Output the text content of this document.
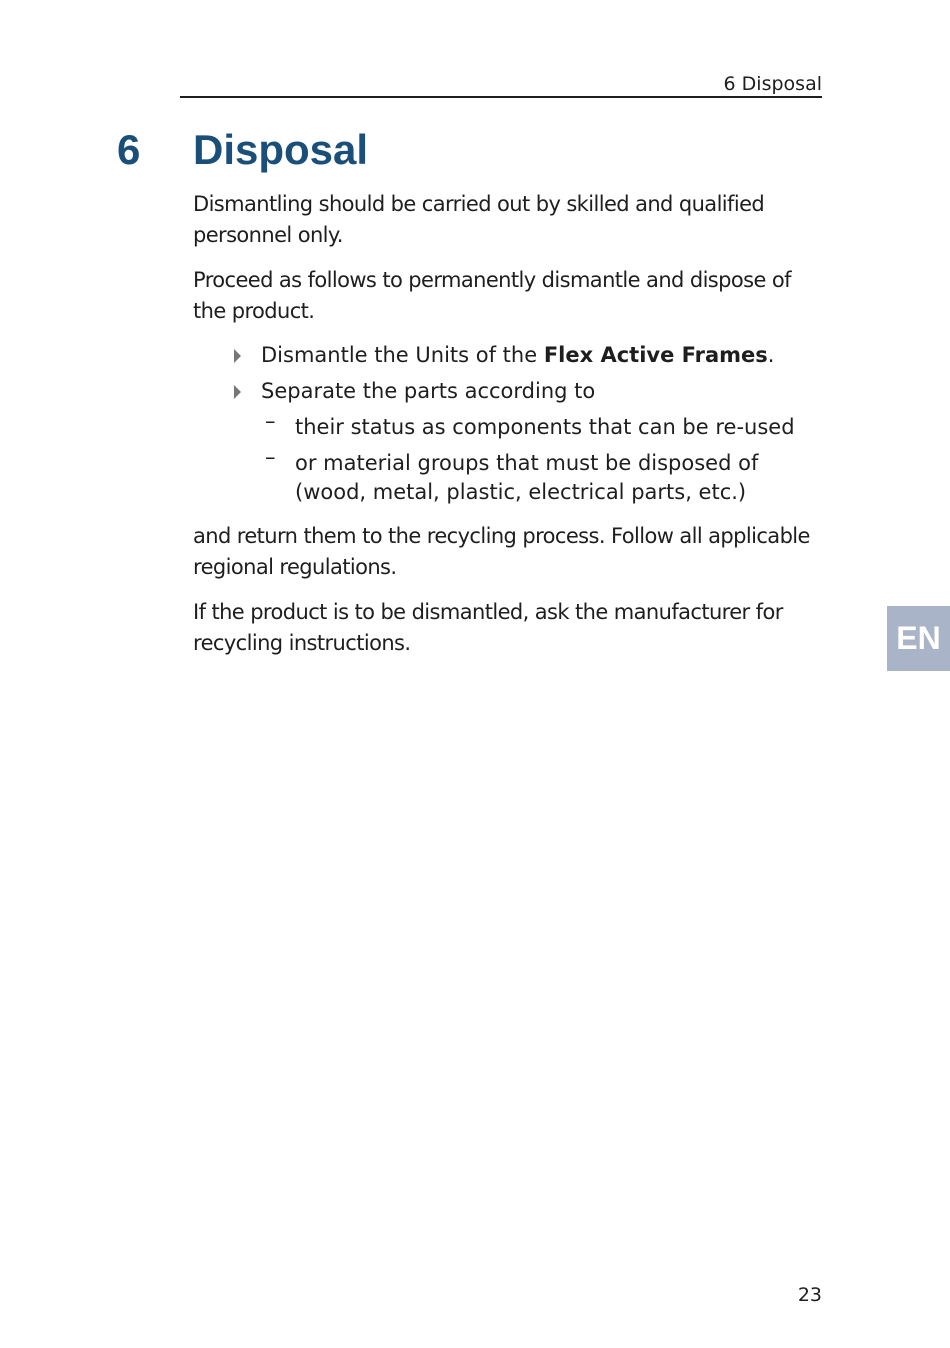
6 Disposal
6 Disposal

Dismantling should be carried out by skilled and qualified personnel only.

Proceed as follows to permanently dismantle and dispose of the product.

Dismantle the Units of the Flex Active Frames.
Separate the parts according to
– their status as components that can be re-used
– or material groups that must be disposed of (wood, metal, plastic, electrical parts, etc.)

and return them to the recycling process. Follow all applicable regional regulations.

If the product is to be dismantled, ask the manufacturer for recycling instructions.	EN
23
